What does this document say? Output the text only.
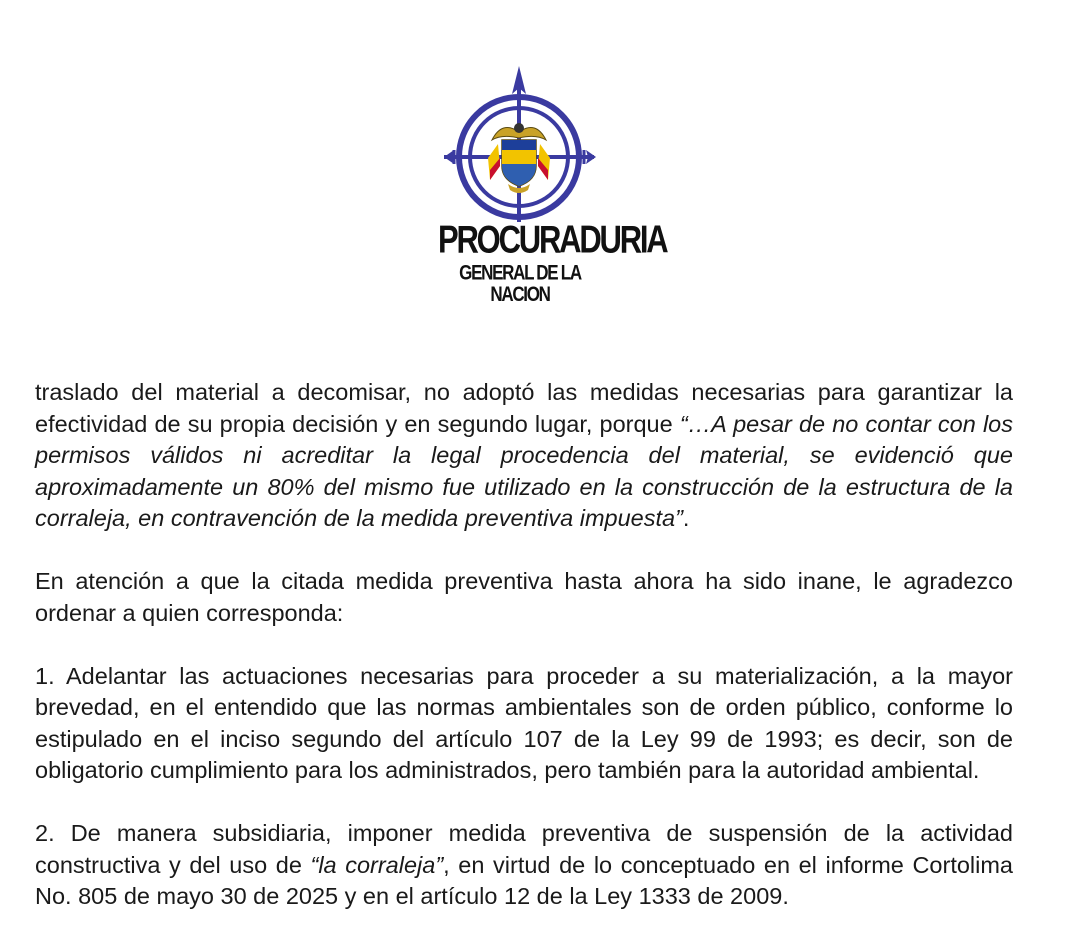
PROCURADURIA
GENERAL DE LA NACION

traslado del material a decomisar, no adoptó las medidas necesarias para garantizar la efectividad de su propia decisión y en segundo lugar, porque “…A pesar de no contar con los permisos válidos ni acreditar la legal procedencia del material, se evidenció que aproximadamente un 80% del mismo fue utilizado en la construcción de la estructura de la corraleja, en contravención de la medida preventiva impuesta”.

En atención a que la citada medida preventiva hasta ahora ha sido inane, le agradezco ordenar a quien corresponda:

1. Adelantar las actuaciones necesarias para proceder a su materialización, a la mayor brevedad, en el entendido que las normas ambientales son de orden público, conforme lo estipulado en el inciso segundo del artículo 107 de la Ley 99 de 1993; es decir, son de obligatorio cumplimiento para los administrados, pero también para la autoridad ambiental.

2. De manera subsidiaria, imponer medida preventiva de suspensión de la actividad constructiva y del uso de “la corraleja”, en virtud de lo conceptuado en el informe Cortolima No. 805 de mayo 30 de 2025 y en el artículo 12 de la Ley 1333 de 2009.
